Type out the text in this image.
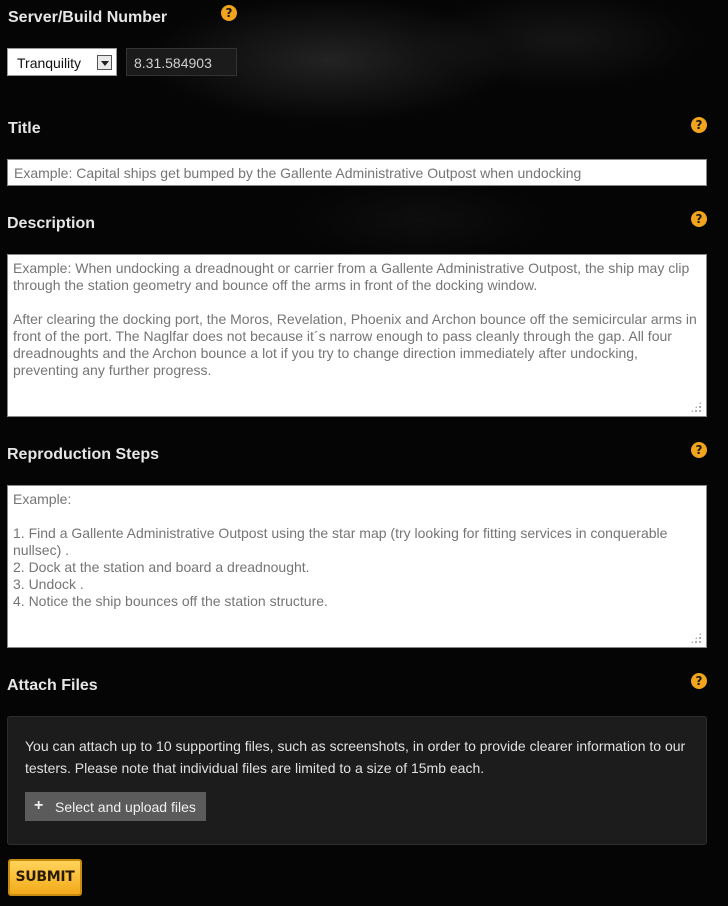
Server/Build Number	?
Tranquility	8.31.584903
Title	?
Example: Capital ships get bumped by the Gallente Administrative Outpost when undocking
Description	?
Example: When undocking a dreadnought or carrier from a Gallente Administrative Outpost, the ship may clip through the station geometry and bounce off the arms in front of the docking window. After clearing the docking port, the Moros, Revelation, Phoenix and Archon bounce off the semicircular arms in front of the port. The Naglfar does not because it´s narrow enough to pass cleanly through the gap. All four dreadnoughts and the Archon bounce a lot if you try to change direction immediately after undocking, preventing any further progress.
Reproduction Steps	?
Example: 1. Find a Gallente Administrative Outpost using the star map (try looking for fitting services in conquerable nullsec) . 2. Dock at the station and board a dreadnought. 3. Undock . 4. Notice the ship bounces off the station structure.
Attach Files	?
You can attach up to 10 supporting files, such as screenshots, in order to provide clearer information to our testers. Please note that individual files are limited to a size of 15mb each.
+ Select and upload files
SUBMIT
